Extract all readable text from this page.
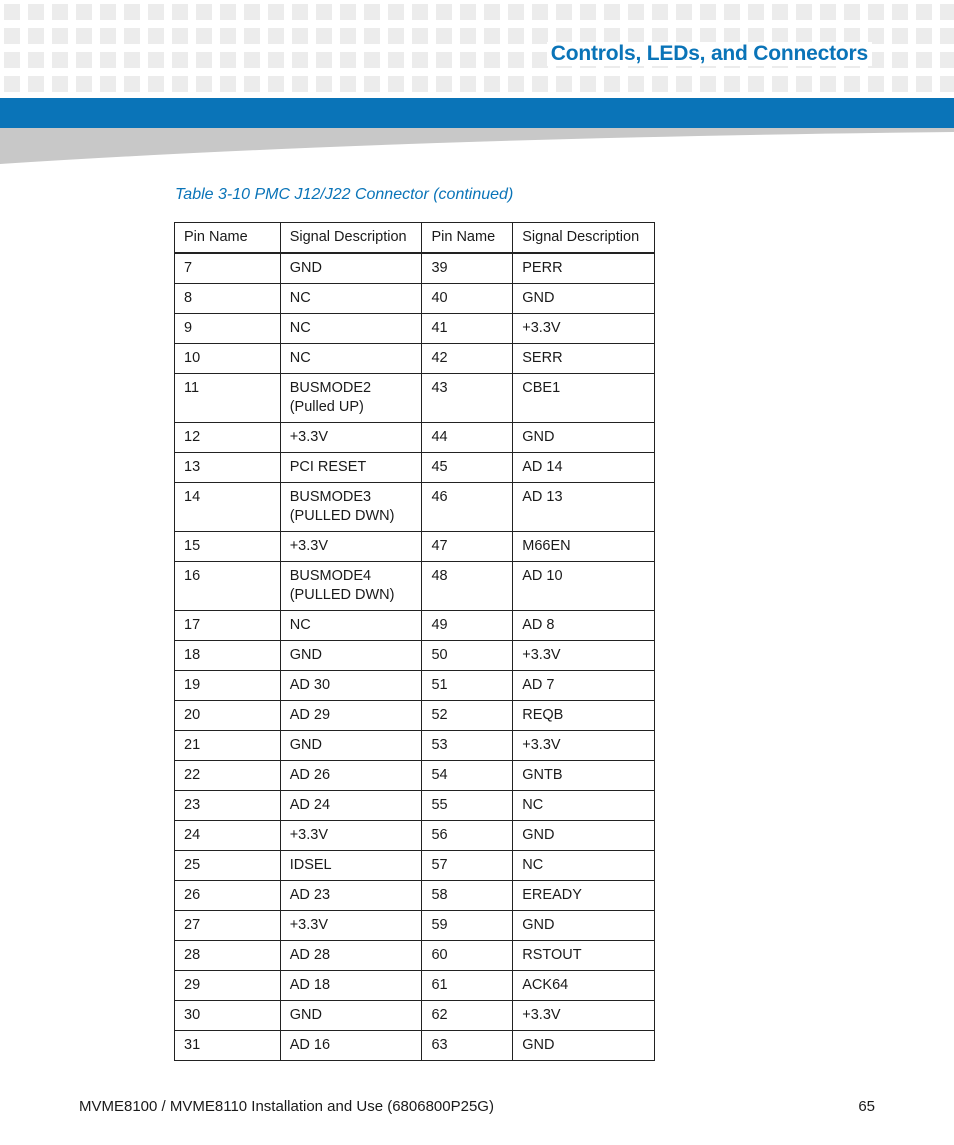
Controls, LEDs, and Connectors
Table 3-10 PMC J12/J22 Connector (continued)
Pin Name	Signal Description	Pin Name	Signal Description
7	GND	39	PERR
8	NC	40	GND
9	NC	41	+3.3V
10	NC	42	SERR
11	BUSMODE2
(Pulled UP)	43	CBE1
12	+3.3V	44	GND
13	PCI RESET	45	AD 14
14	BUSMODE3
(PULLED DWN)	46	AD 13
15	+3.3V	47	M66EN
16	BUSMODE4
(PULLED DWN)	48	AD 10
17	NC	49	AD 8
18	GND	50	+3.3V
19	AD 30	51	AD 7
20	AD 29	52	REQB
21	GND	53	+3.3V
22	AD 26	54	GNTB
23	AD 24	55	NC
24	+3.3V	56	GND
25	IDSEL	57	NC
26	AD 23	58	EREADY
27	+3.3V	59	GND
28	AD 28	60	RSTOUT
29	AD 18	61	ACK64
30	GND	62	+3.3V
31	AD 16	63	GND
MVME8100 / MVME8110 Installation and Use (6806800P25G)	65
